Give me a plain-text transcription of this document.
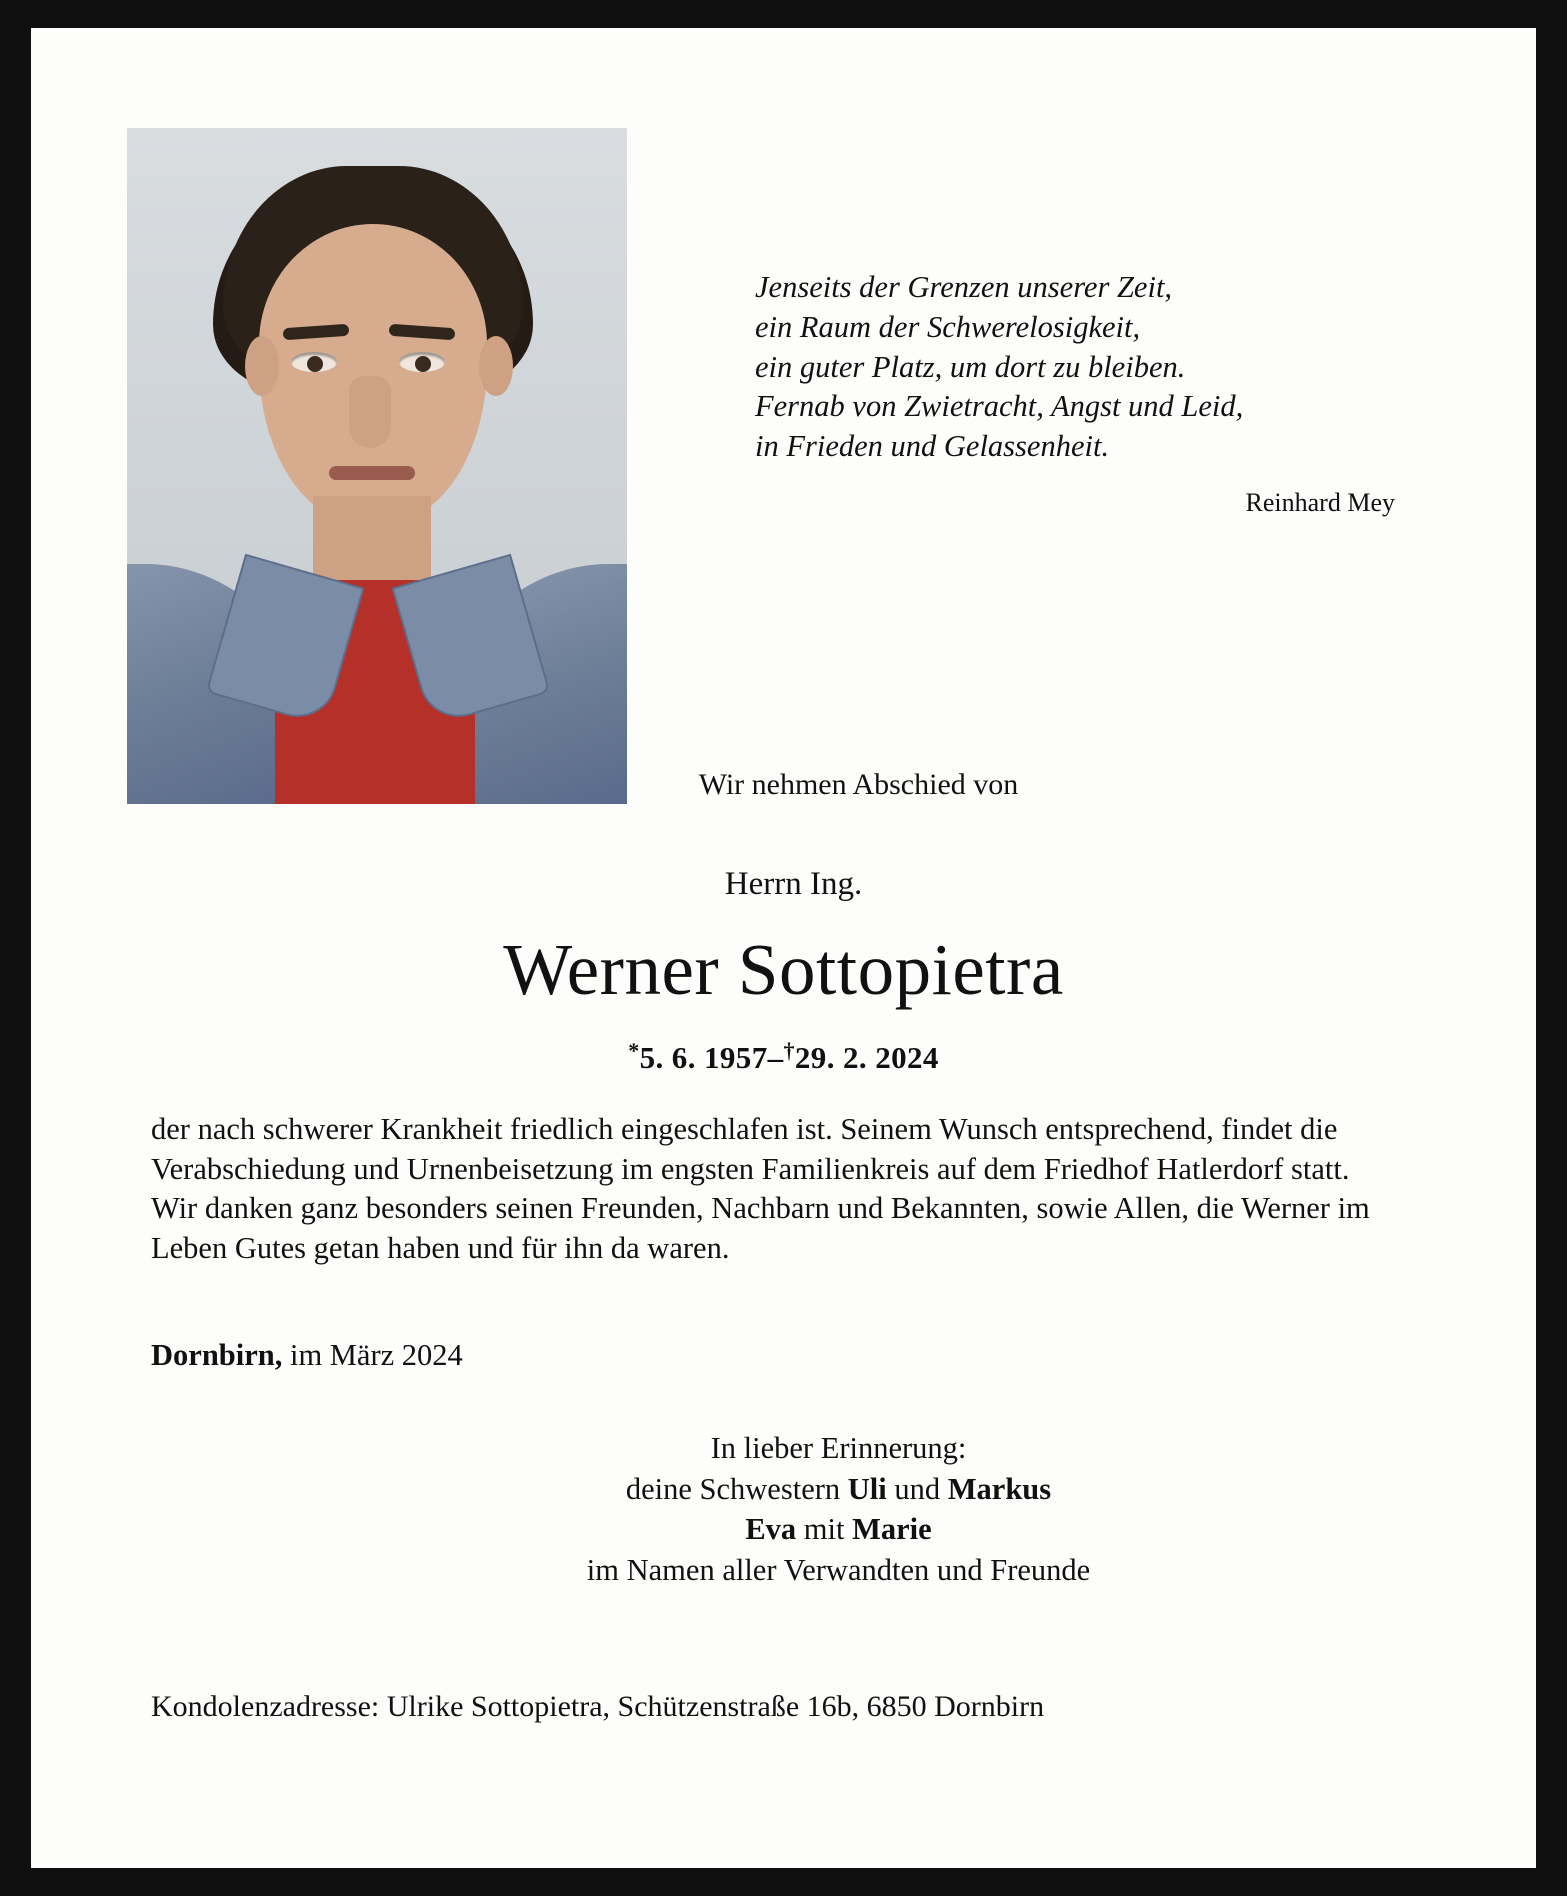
Jenseits der Grenzen unserer Zeit,
ein Raum der Schwerelosigkeit,
ein guter Platz, um dort zu bleiben.
Fernab von Zwietracht, Angst und Leid,
in Frieden und Gelassenheit.
Reinhard Mey
Wir nehmen Abschied von
Herrn Ing.
Werner Sottopietra
*5. 6. 1957–†29. 2. 2024

der nach schwerer Krankheit friedlich eingeschlafen ist. Seinem Wunsch entsprechend, findet die Verabschiedung und Urnenbeisetzung im engsten Familienkreis auf dem Friedhof Hatlerdorf statt.

Wir danken ganz besonders seinen Freunden, Nachbarn und Bekannten, sowie Allen, die Werner im Leben Gutes getan haben und für ihn da waren.

Dornbirn, im März 2024
In lieber Erinnerung:
deine Schwestern Uli und Markus
Eva mit Marie
im Namen aller Verwandten und Freunde
Kondolenzadresse: Ulrike Sottopietra, Schützenstraße 16b, 6850 Dornbirn
